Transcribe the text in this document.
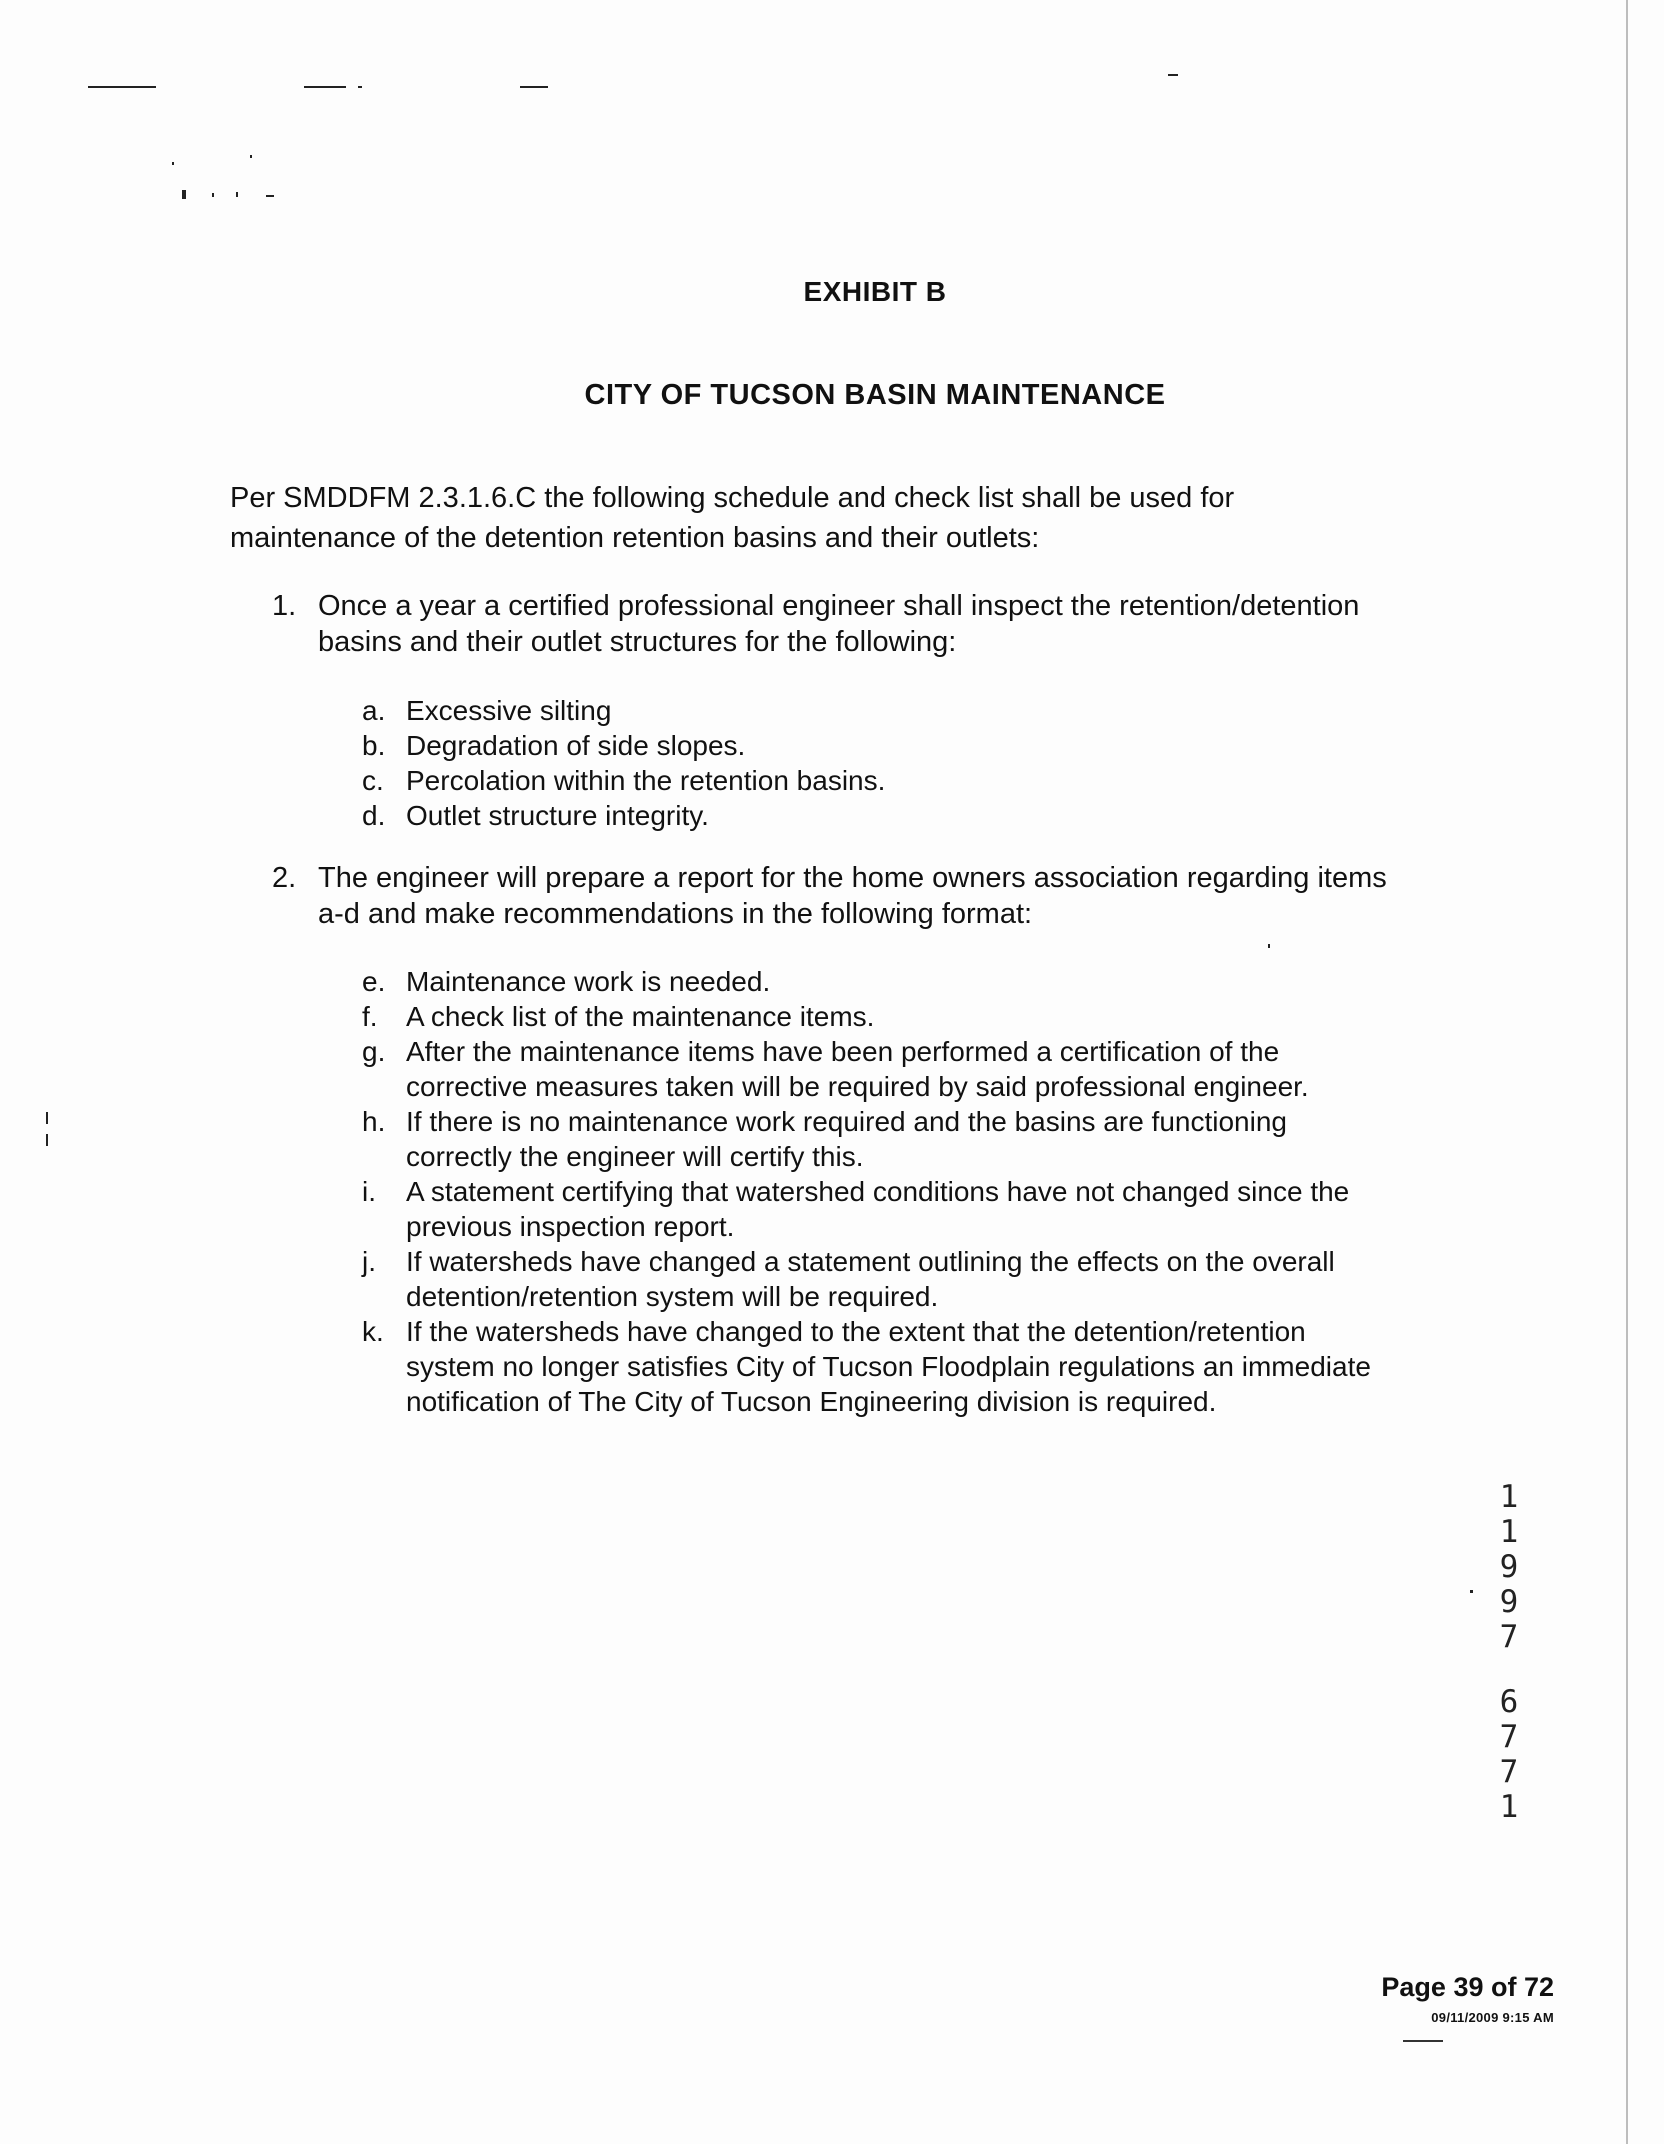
EXHIBIT B
CITY OF TUCSON BASIN MAINTENANCE
Per SMDDFM 2.3.1.6.C the following schedule and check list shall be used for maintenance of the detention retention basins and their outlets:
1. Once a year a certified professional engineer shall inspect the retention/detention basins and their outlet structures for the following:

a. Excessive silting

b. Degradation of side slopes.

c. Percolation within the retention basins.

d. Outlet structure integrity.

2. The engineer will prepare a report for the home owners association regarding items a-d and make recommendations in the following format:

e. Maintenance work is needed.

f.	A check list of the maintenance items.

g. After the maintenance items have been performed a certification of the corrective measures taken will be required by said professional engineer.

h. If there is no maintenance work required and the basins are functioning correctly the engineer will certify this.

i.	A statement certifying that watershed conditions have not changed since the previous inspection report.

j.	If watersheds have changed a statement outlining the effects on the overall detention/retention system will be required.

k. If the watersheds have changed to the extent that the detention/retention system no longer satisfies City of Tucson Floodplain regulations an immediate notification of The City of Tucson Engineering division is required.

1
1
9
9
7
6
7
7
1
Page 39 of 72
09/11/2009 9:15 AM
